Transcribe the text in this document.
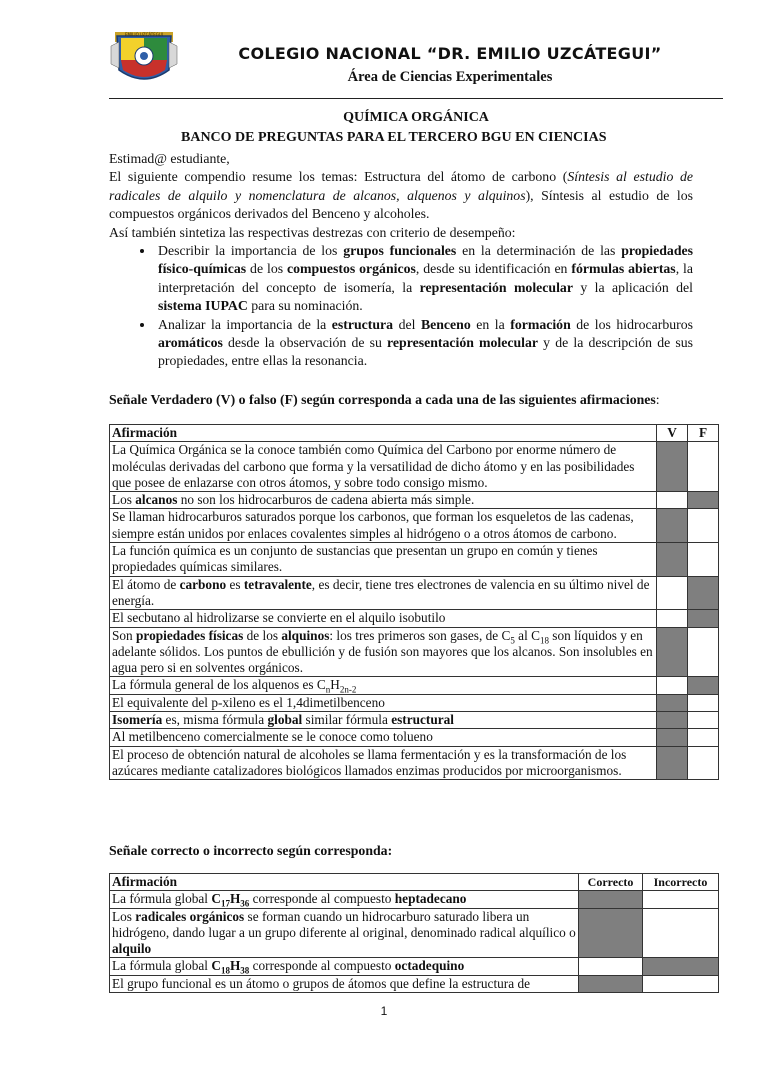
EMILIO UZCÁTEGUI
COLEGIO NACIONAL “DR. EMILIO UZCÁTEGUI”
Área de Ciencias Experimentales
QUÍMICA ORGÁNICA
BANCO DE PREGUNTAS PARA EL TERCERO BGU EN CIENCIAS

Estimad@ estudiante,

El siguiente compendio resume los temas: Estructura del átomo de carbono (Síntesis al estudio de radicales de alquilo y nomenclatura de alcanos, alquenos y alquinos), Síntesis al estudio de los compuestos orgánicos derivados del Benceno y alcoholes.

Así también sintetiza las respectivas destrezas con criterio de desempeño:

• Describir la importancia de los grupos funcionales en la determinación de las propiedades físico-químicas de los compuestos orgánicos, desde su identificación en fórmulas abiertas, la interpretación del concepto de isomería, la representación molecular y la aplicación del sistema IUPAC para su nominación.
• Analizar la importancia de la estructura del Benceno en la formación de los hidrocarburos aromáticos desde la observación de su representación molecular y de la descripción de sus propiedades, entre ellas la resonancia.
Señale Verdadero (V) o falso (F) según corresponda a cada una de las siguientes afirmaciones:
Afirmación	V	F
La Química Orgánica se la conoce también como Química del Carbono por enorme número de moléculas derivadas del carbono que forma y la versatilidad de dicho átomo y en las posibilidades que posee de enlazarse con otros átomos, y sobre todo consigo mismo.		
Los alcanos no son los hidrocarburos de cadena abierta más simple.		
Se llaman hidrocarburos saturados porque los carbonos, que forman los esqueletos de las cadenas, siempre están unidos por enlaces covalentes simples al hidrógeno o a otros átomos de carbono.		
La función química es un conjunto de sustancias que presentan un grupo en común y tienes propiedades químicas similares.		
El átomo de carbono es tetravalente, es decir, tiene tres electrones de valencia en su último nivel de energía.		
El secbutano al hidrolizarse se convierte en el alquilo isobutilo		
Son propiedades físicas de los alquinos: los tres primeros son gases, de $C_5$ al $C_{18}$ son líquidos y en adelante sólidos. Los puntos de ebullición y de fusión son mayores que los alcanos. Son insolubles en agua pero si en solventes orgánicos.		
La fórmula general de los alquenos es $C_nH_{2n-2}$		
El equivalente del p-xileno es el 1,4dimetilbenceno		
Isomería es, misma fórmula global similar fórmula estructural		
Al metilbenceno comercialmente se le conoce como tolueno		
El proceso de obtención natural de alcoholes se llama fermentación y es la transformación de los azúcares mediante catalizadores biológicos llamados enzimas producidos por microorganismos.		
Señale correcto o incorrecto según corresponda:
Afirmación	Correcto	Incorrecto
La fórmula global $C_{17}H_{36}$ corresponde al compuesto heptadecano		
Los radicales orgánicos se forman cuando un hidrocarburo saturado libera un hidrógeno, dando lugar a un grupo diferente al original, denominado radical alquílico o alquilo		
La fórmula global $C_{18}H_{38}$ corresponde al compuesto octadequino		
El grupo funcional es un átomo o grupos de átomos que define la estructura de		
1
